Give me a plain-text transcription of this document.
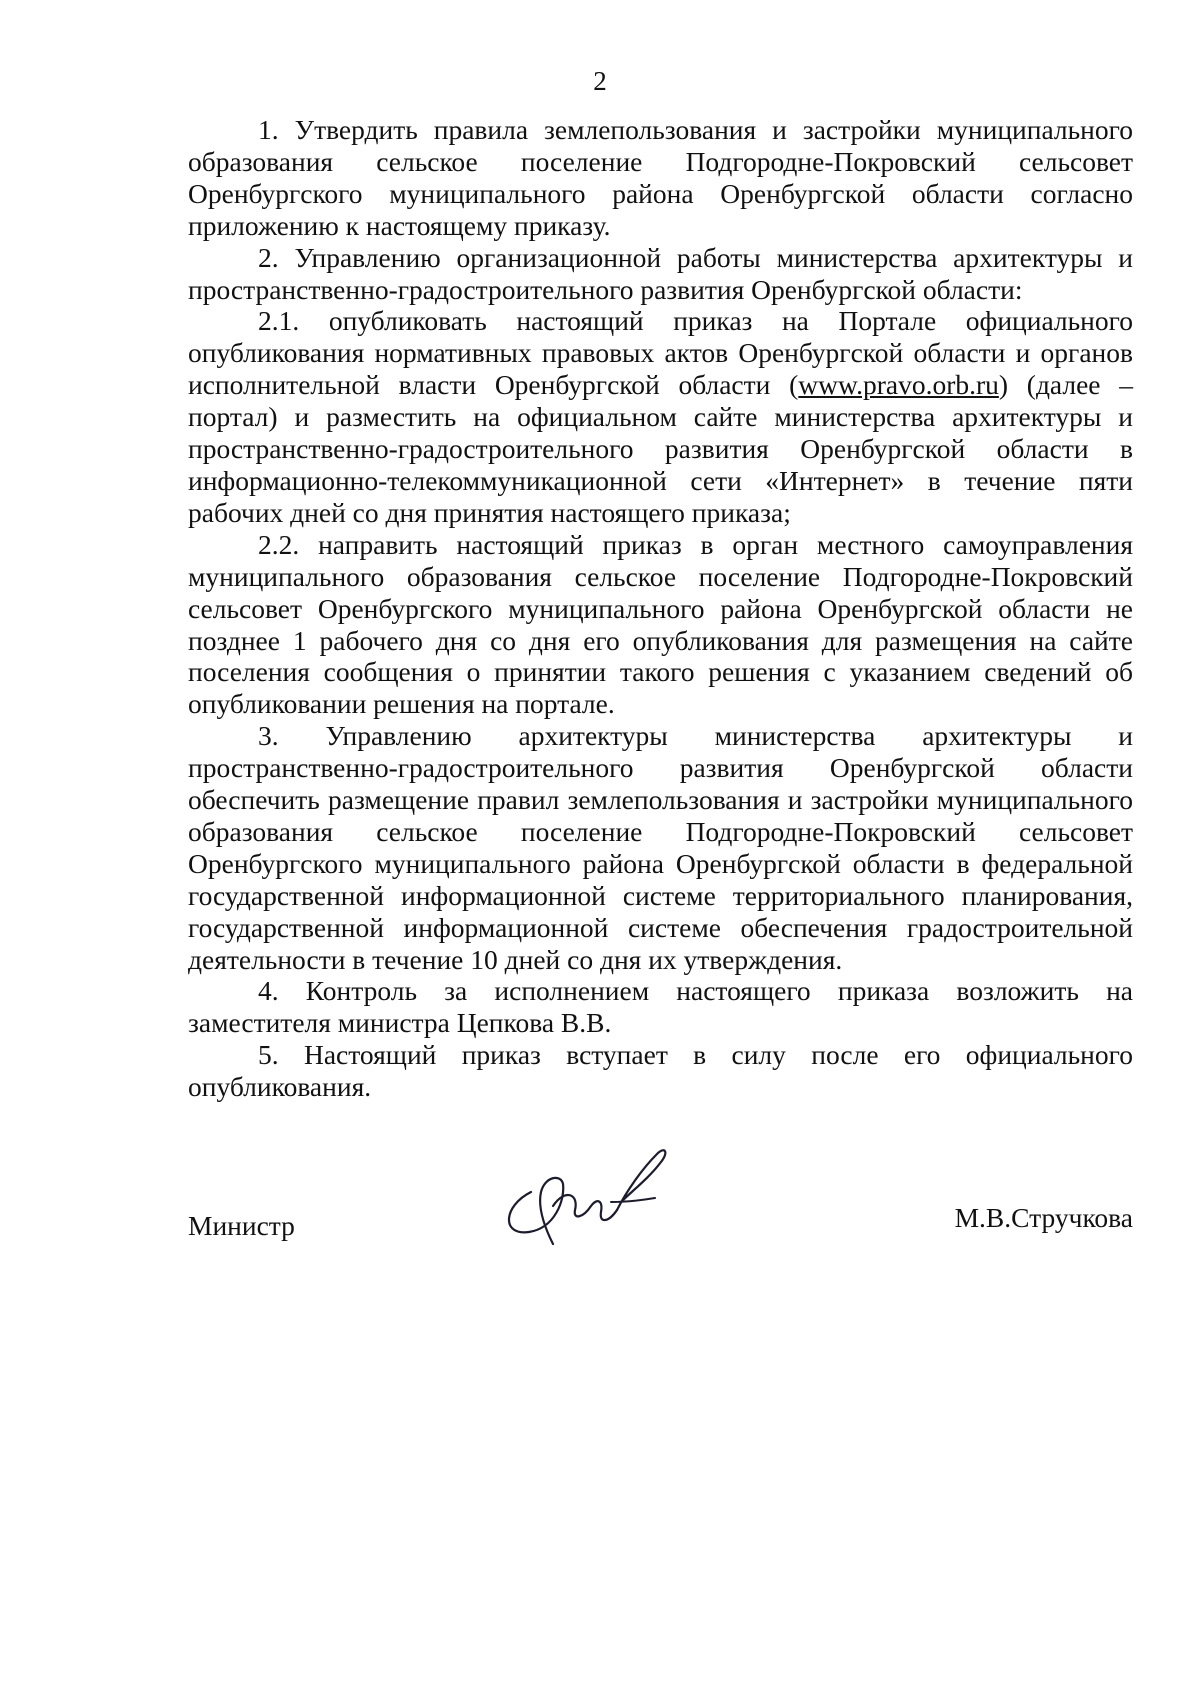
2

1. Утвердить правила землепользования и застройки муниципального образования сельское поселение Подгородне-Покровский сельсовет Оренбургского муниципального района Оренбургской области согласно приложению к настоящему приказу.

2. Управлению организационной работы министерства архитектуры и пространственно-градостроительного развития Оренбургской области:

2.1. опубликовать настоящий приказ на Портале официального опубликования нормативных правовых актов Оренбургской области и органов исполнительной власти Оренбургской области (www.pravo.orb.ru) (далее – портал) и разместить на официальном сайте министерства архитектуры и пространственно-градостроительного развития Оренбургской области в информационно-телекоммуникационной сети «Интернет» в течение пяти рабочих дней со дня принятия настоящего приказа;

2.2. направить настоящий приказ в орган местного самоуправления муниципального образования сельское поселение Подгородне-Покровский сельсовет Оренбургского муниципального района Оренбургской области не позднее 1 рабочего дня со дня его опубликования для размещения на сайте поселения сообщения о принятии такого решения с указанием сведений об опубликовании решения на портале.

3. Управлению архитектуры министерства архитектуры и пространственно-градостроительного развития Оренбургской области обеспечить размещение правил землепользования и застройки муниципального образования сельское поселение Подгородне-Покровский сельсовет Оренбургского муниципального района Оренбургской области в федеральной государственной информационной системе территориального планирования, государственной информационной системе обеспечения градостроительной деятельности в течение 10 дней со дня их утверждения.

4. Контроль за исполнением настоящего приказа возложить на заместителя министра Цепкова В.В.

5. Настоящий приказ вступает в силу после его официального опубликования.

Министр	М.В.Стручкова
